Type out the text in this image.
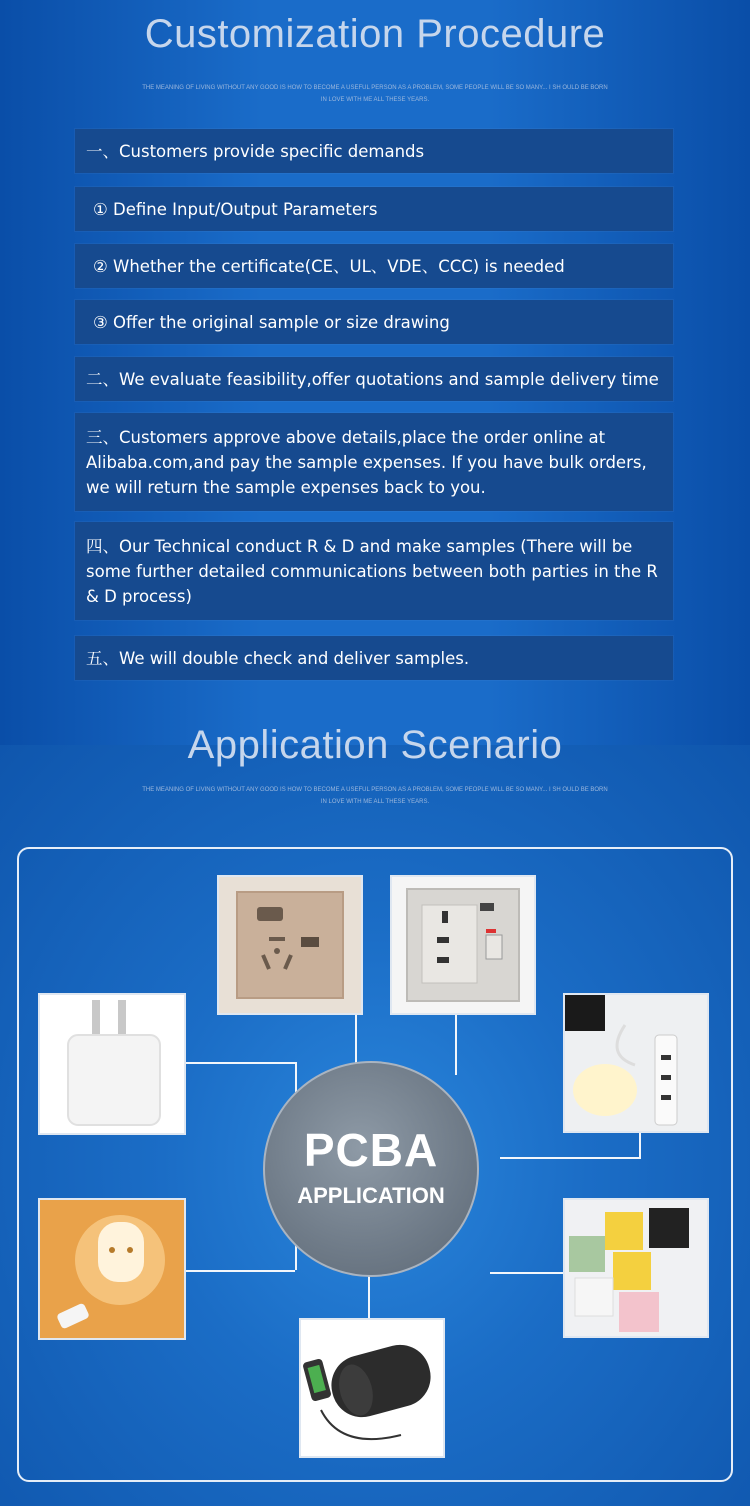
Customization Procedure
THE MEANING OF LIVING WITHOUT ANY GOOD IS HOW TO BECOME A USEFUL PERSON AS A PROBLEM, SOME PEOPLE WILL BE SO MANY... I SH OULD BE BORN IN LOVE WITH ME ALL THESE YEARS.
一、Customers provide specific demands
① Define Input/Output Parameters
② Whether the certificate(CE、UL、VDE、CCC) is needed
③ Offer the original sample or size drawing
二、We evaluate feasibility,offer quotations and sample delivery time
三、Customers approve above details,place the order online at Alibaba.com,and pay the sample expenses. If you have bulk orders, we will return the sample expenses back to you.
四、Our Technical conduct R & D and make samples (There will be some further detailed communications between both parties in the R & D process)
五、We will double check and deliver samples.
Application Scenario
THE MEANING OF LIVING WITHOUT ANY GOOD IS HOW TO BECOME A USEFUL PERSON AS A PROBLEM, SOME PEOPLE WILL BE SO MANY... I SH OULD BE BORN IN LOVE WITH ME ALL THESE YEARS.
PCBA
APPLICATION
